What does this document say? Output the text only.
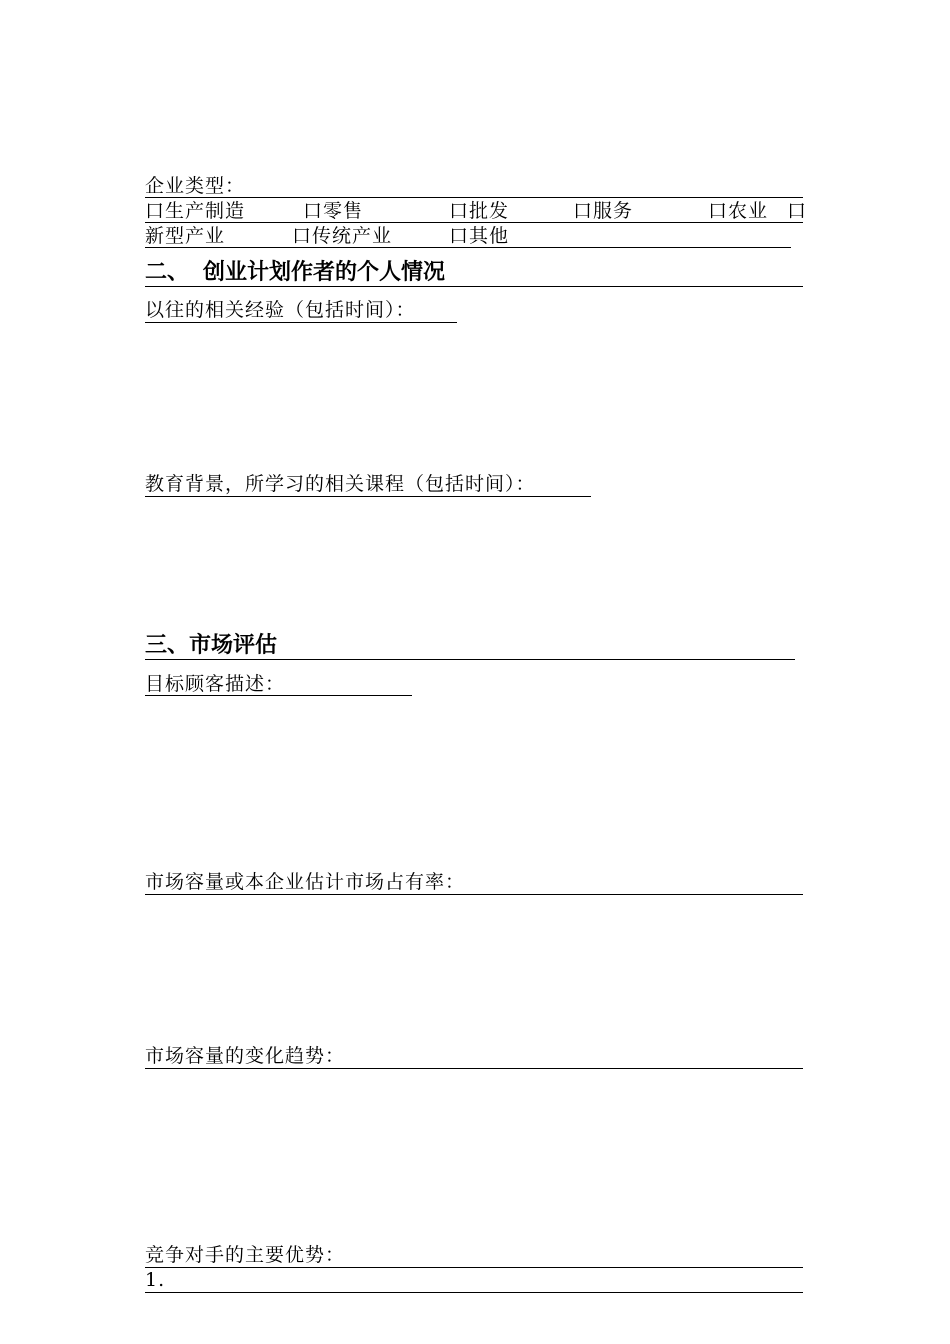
企业类型：
口生产制造	口零售	口批发	口服务	口农业 口
新型产业	口传统产业	口其他
二、 创业计划作者的个人情况
以往的相关经验（包括时间）：
教育背景，所学习的相关课程（包括时间）：
三、市场评估
目标顾客描述：
市场容量或本企业估计市场占有率：
市场容量的变化趋势：
竞争对手的主要优势：
1.
